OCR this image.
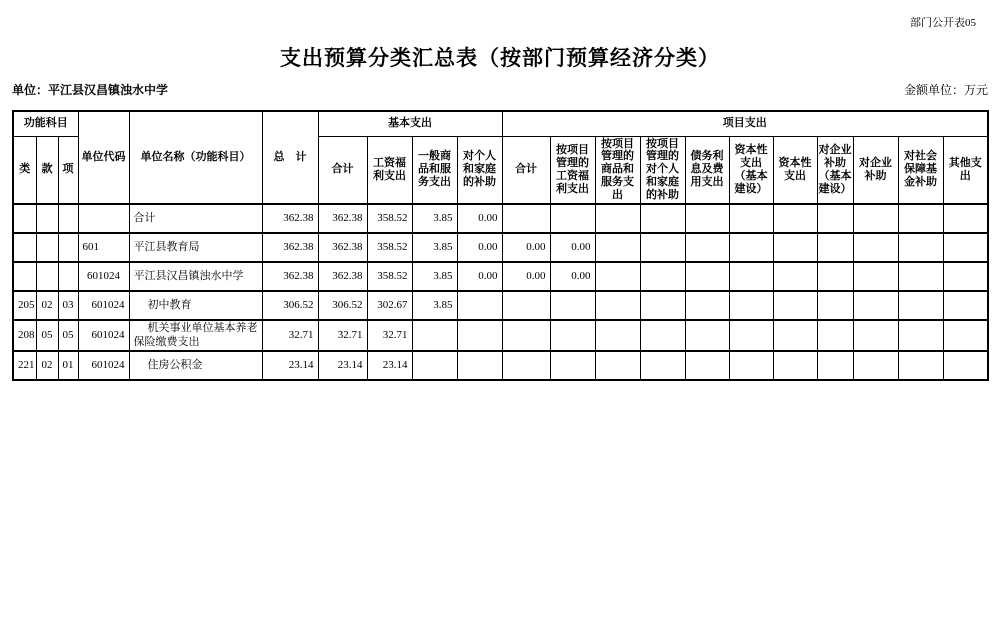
部门公开表05
支出预算分类汇总表（按部门预算经济分类）
单位：平江县汉昌镇浊水中学	金额单位：万元
功能科目			单位代码	单位名称（功能科目）	总　计	基本支出				项目支出										
类	款	项				合计	工资福利支出	一般商品和服务支出	对个人和家庭的补助	合计	按项目管理的工资福利支出	按项目管理的商品和服务支出	按项目管理的对个人和家庭的补助	债务利息及费用支出	资本性支出（基本建设）	资本性支出	对企业补助（基本建设）	对企业补助	对社会保障基金补助	其他支出
				合计	362.38	362.38	358.52	3.85	0.00											
			601	平江县教育局	362.38	362.38	358.52	3.85	0.00	0.00	0.00									
			601024	平江县汉昌镇浊水中学	362.38	362.38	358.52	3.85	0.00	0.00	0.00									
205	02	03	601024	初中教育	306.52	306.52	302.67	3.85												
208	05	05	601024	机关事业单位基本养老保险缴费支出	32.71	32.71	32.71													
221	02	01	601024	住房公积金	23.14	23.14	23.14													
